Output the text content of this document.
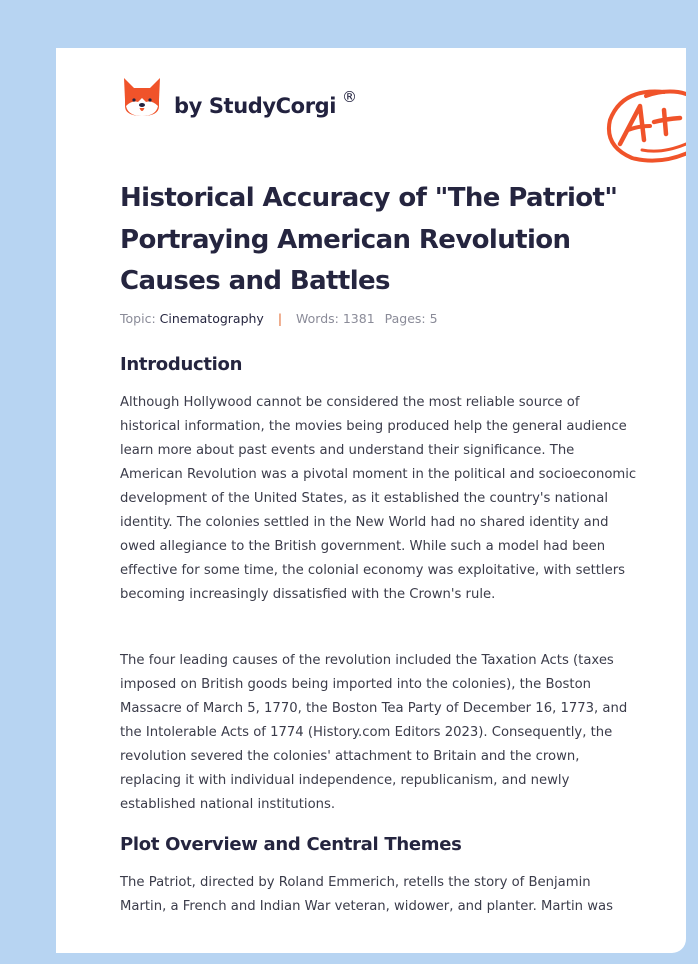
by StudyCorgi ®
Historical Accuracy of "The Patriot" Portraying American Revolution Causes and Battles
Topic: Cinematography | Words: 1381 Pages: 5
Introduction

Although Hollywood cannot be considered the most reliable source of historical information, the movies being produced help the general audience learn more about past events and understand their significance. The American Revolution was a pivotal moment in the political and socioeconomic development of the United States, as it established the country's national identity. The colonies settled in the New World had no shared identity and owed allegiance to the British government. While such a model had been effective for some time, the colonial economy was exploitative, with settlers becoming increasingly dissatisfied with the Crown's rule.

The four leading causes of the revolution included the Taxation Acts (taxes imposed on British goods being imported into the colonies), the Boston Massacre of March 5, 1770, the Boston Tea Party of December 16, 1773, and the Intolerable Acts of 1774 (History.com Editors 2023). Consequently, the revolution severed the colonies' attachment to Britain and the crown, replacing it with individual independence, republicanism, and newly established national institutions.

Plot Overview and Central Themes

The Patriot, directed by Roland Emmerich, retells the story of Benjamin Martin, a French and Indian War veteran, widower, and planter. Martin was
